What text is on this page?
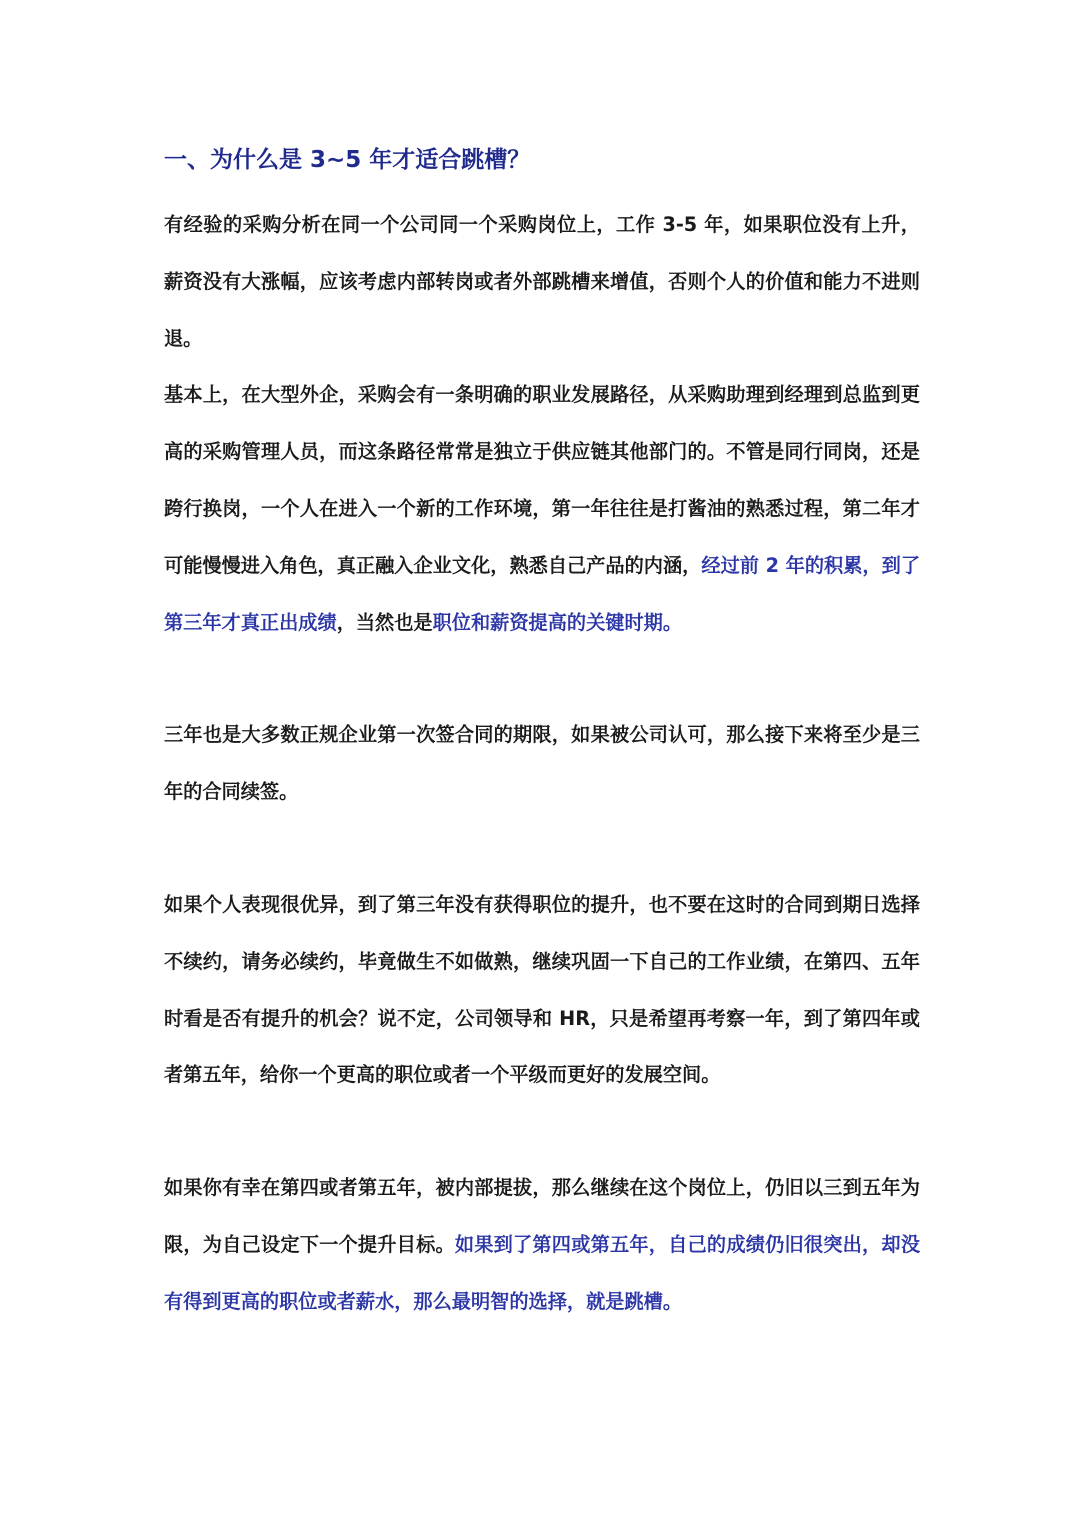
一、为什么是 3~5 年才适合跳槽？

有经验的采购分析在同一个公司同一个采购岗位上，工作 3-5 年，如果职位没有上升，薪资没有大涨幅，应该考虑内部转岗或者外部跳槽来增值，否则个人的价值和能力不进则退。

基本上，在大型外企，采购会有一条明确的职业发展路径，从采购助理到经理到总监到更高的采购管理人员，而这条路径常常是独立于供应链其他部门的。不管是同行同岗，还是跨行换岗，一个人在进入一个新的工作环境，第一年往往是打酱油的熟悉过程，第二年才可能慢慢进入角色，真正融入企业文化，熟悉自己产品的内涵，经过前 2 年的积累，到了第三年才真正出成绩，当然也是职位和薪资提高的关键时期。

三年也是大多数正规企业第一次签合同的期限，如果被公司认可，那么接下来将至少是三年的合同续签。

如果个人表现很优异，到了第三年没有获得职位的提升，也不要在这时的合同到期日选择不续约，请务必续约，毕竟做生不如做熟，继续巩固一下自己的工作业绩，在第四、五年时看是否有提升的机会？说不定，公司领导和 HR，只是希望再考察一年，到了第四年或者第五年，给你一个更高的职位或者一个平级而更好的发展空间。

如果你有幸在第四或者第五年，被内部提拔，那么继续在这个岗位上，仍旧以三到五年为限，为自己设定下一个提升目标。如果到了第四或第五年，自己的成绩仍旧很突出，却没有得到更高的职位或者薪水，那么最明智的选择，就是跳槽。
